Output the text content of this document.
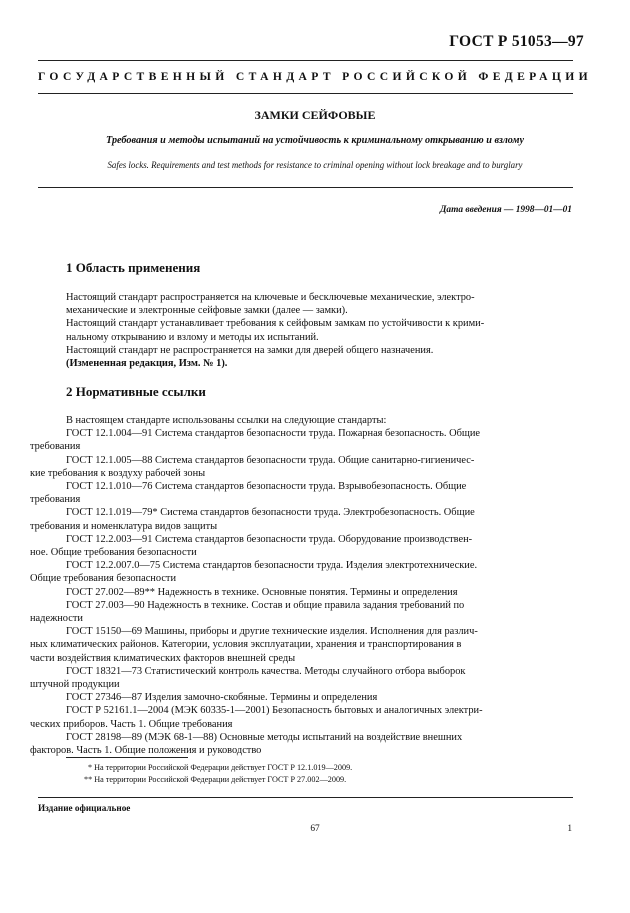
ГОСТ Р 51053—97
ГОСУДАРСТВЕННЫЙ СТАНДАРТ РОССИЙСКОЙ ФЕДЕРАЦИИ
ЗАМКИ СЕЙФОВЫЕ
Требования и методы испытаний на устойчивость к криминальному открыванию и взлому
Safes locks. Requirements and test methods for resistance to criminal opening without lock breakage and to burglary
Дата введения — 1998—01—01
1 Область применения

Настоящий стандарт распространяется на ключевые и бесключевые механические, электро-

механические и электронные сейфовые замки (далее — замки).

Настоящий стандарт устанавливает требования к сейфовым замкам по устойчивости к крими-

нальному открыванию и взлому и методы их испытаний.

Настоящий стандарт не распространяется на замки для дверей общего назначения.

(Измененная редакция, Изм. № 1).

2 Нормативные ссылки

В настоящем стандарте использованы ссылки на следующие стандарты:

ГОСТ 12.1.004—91 Система стандартов безопасности труда. Пожарная безопасность. Общие

требования

ГОСТ 12.1.005—88 Система стандартов безопасности труда. Общие санитарно-гигиеничес-

кие требования к воздуху рабочей зоны

ГОСТ 12.1.010—76 Система стандартов безопасности труда. Взрывобезопасность. Общие

требования

ГОСТ 12.1.019—79* Система стандартов безопасности труда. Электробезопасность. Общие

требования и номенклатура видов защиты

ГОСТ 12.2.003—91 Система стандартов безопасности труда. Оборудование производствен-

ное. Общие требования безопасности

ГОСТ 12.2.007.0—75 Система стандартов безопасности труда. Изделия электротехнические.

Общие требования безопасности

ГОСТ 27.002—89** Надежность в технике. Основные понятия. Термины и определения

ГОСТ 27.003—90 Надежность в технике. Состав и общие правила задания требований по

надежности

ГОСТ 15150—69 Машины, приборы и другие технические изделия. Исполнения для различ-

ных климатических районов. Категории, условия эксплуатации, хранения и транспортирования в

части воздействия климатических факторов внешней среды

ГОСТ 18321—73 Статистический контроль качества. Методы случайного отбора выборок

штучной продукции

ГОСТ 27346—87 Изделия замочно-скобяные. Термины и определения

ГОСТ Р 52161.1—2004 (МЭК 60335-1—2001) Безопасность бытовых и аналогичных электри-

ческих приборов. Часть 1. Общие требования

ГОСТ 28198—89 (МЭК 68-1—88) Основные методы испытаний на воздействие внешних

факторов. Часть 1. Общие положения и руководство

* На территории Российской Федерации действует ГОСТ Р 12.1.019—2009.
** На территории Российской Федерации действует ГОСТ Р 27.002—2009.
Издание официальное
67	1
